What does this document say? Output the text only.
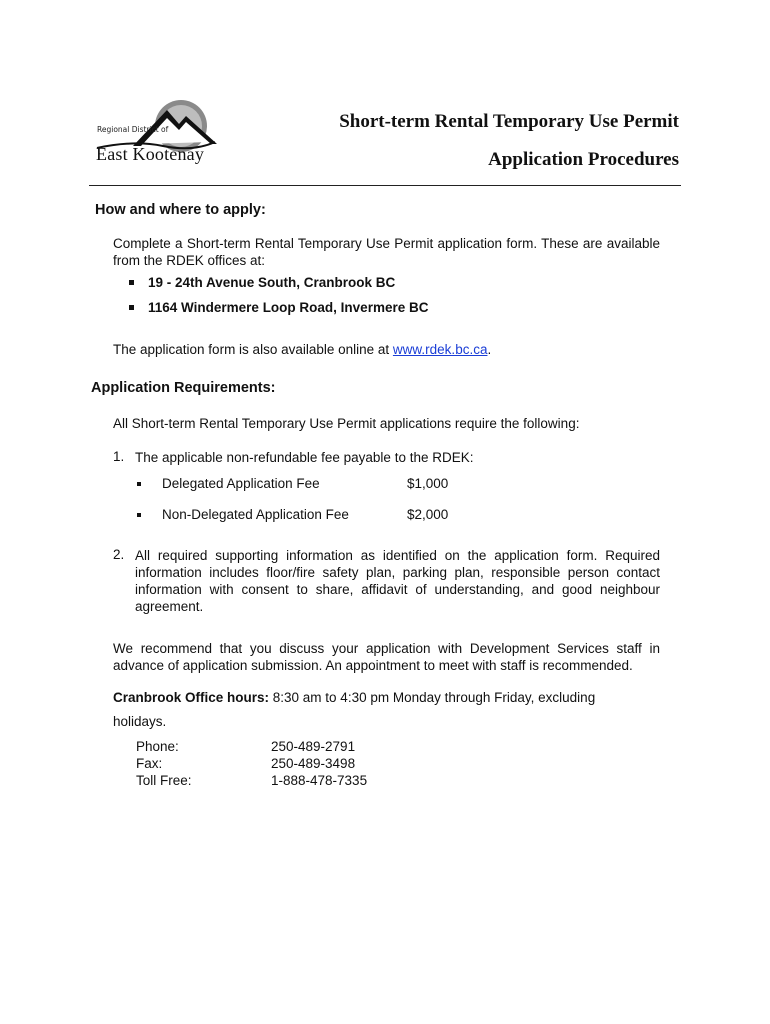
Regional District of
East Kootenay
Short-term Rental Temporary Use Permit
Application Procedures
How and where to apply:
Complete a Short-term Rental Temporary Use Permit application form. These are available from the RDEK offices at:
19 - 24th Avenue South, Cranbrook BC
1164 Windermere Loop Road, Invermere BC
The application form is also available online at www.rdek.bc.ca.
Application Requirements:
All Short-term Rental Temporary Use Permit applications require the following:
1. The applicable non-refundable fee payable to the RDEK:
Delegated Application Fee	$1,000
Non-Delegated Application Fee	$2,000
2. All required supporting information as identified on the application form. Required information includes floor/fire safety plan, parking plan, responsible person contact information with consent to share, affidavit of understanding, and good neighbour agreement.
We recommend that you discuss your application with Development Services staff in advance of application submission. An appointment to meet with staff is recommended.
Cranbrook Office hours: 8:30 am to 4:30 pm Monday through Friday, excluding
holidays.
Phone:	250-489-2791
Fax:	250-489-3498
Toll Free:	1-888-478-7335
